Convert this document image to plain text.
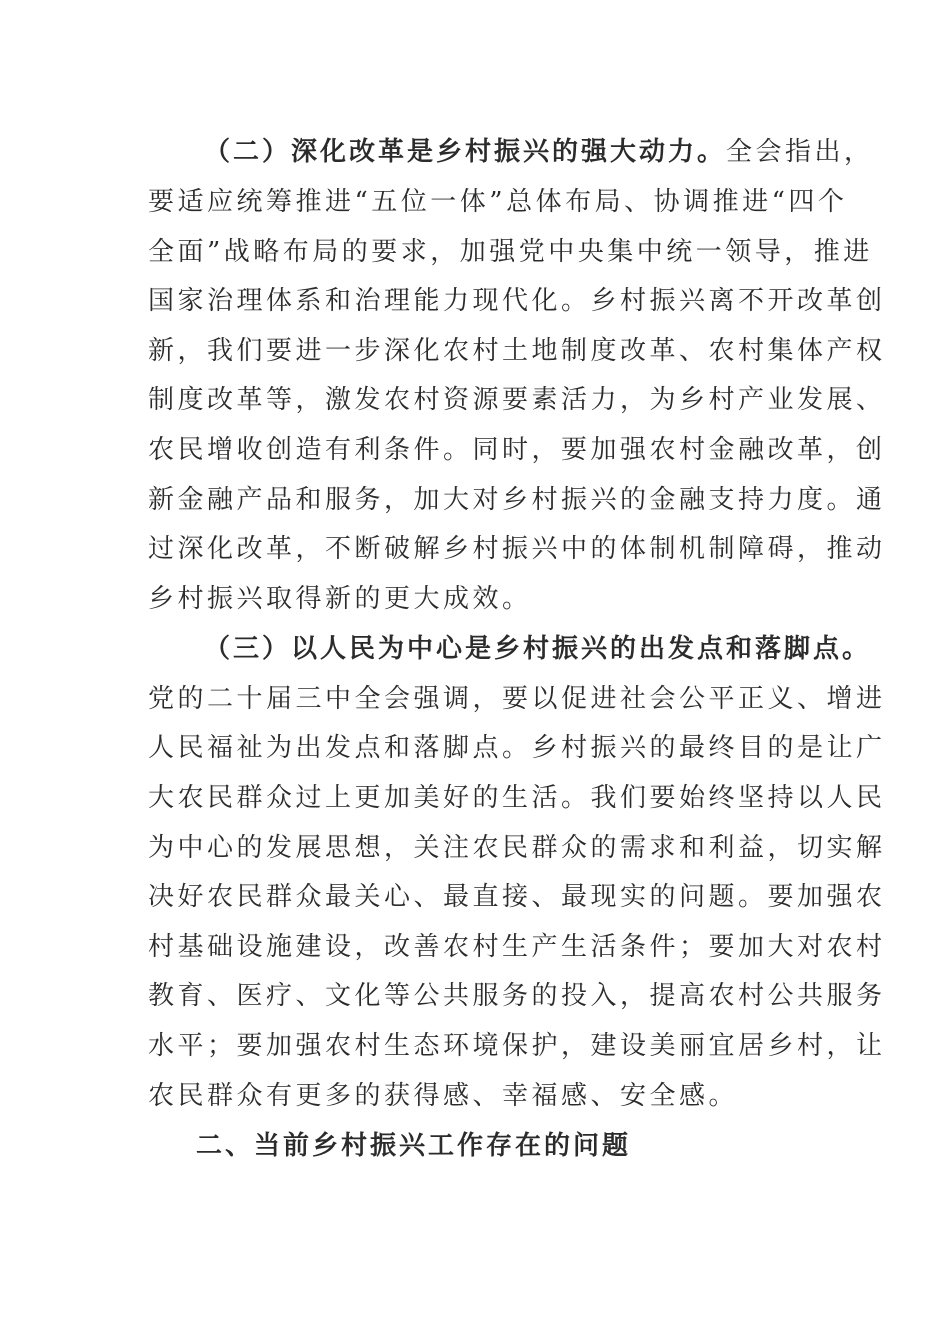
（二）深化改革是乡村振兴的强大动力。全会指出，
要适应统筹推进“五位一体”总体布局、协调推进“四个
全面”战略布局的要求，加强党中央集中统一领导，推进
国家治理体系和治理能力现代化。乡村振兴离不开改革创
新，我们要进一步深化农村土地制度改革、农村集体产权
制度改革等，激发农村资源要素活力，为乡村产业发展、
农民增收创造有利条件。同时，要加强农村金融改革，创
新金融产品和服务，加大对乡村振兴的金融支持力度。通
过深化改革，不断破解乡村振兴中的体制机制障碍，推动
乡村振兴取得新的更大成效。
（三）以人民为中心是乡村振兴的出发点和落脚点。
党的二十届三中全会强调，要以促进社会公平正义、增进
人民福祉为出发点和落脚点。乡村振兴的最终目的是让广
大农民群众过上更加美好的生活。我们要始终坚持以人民
为中心的发展思想，关注农民群众的需求和利益，切实解
决好农民群众最关心、最直接、最现实的问题。要加强农
村基础设施建设，改善农村生产生活条件；要加大对农村
教育、医疗、文化等公共服务的投入，提高农村公共服务
水平；要加强农村生态环境保护，建设美丽宜居乡村，让
农民群众有更多的获得感、幸福感、安全感。
二、当前乡村振兴工作存在的问题
